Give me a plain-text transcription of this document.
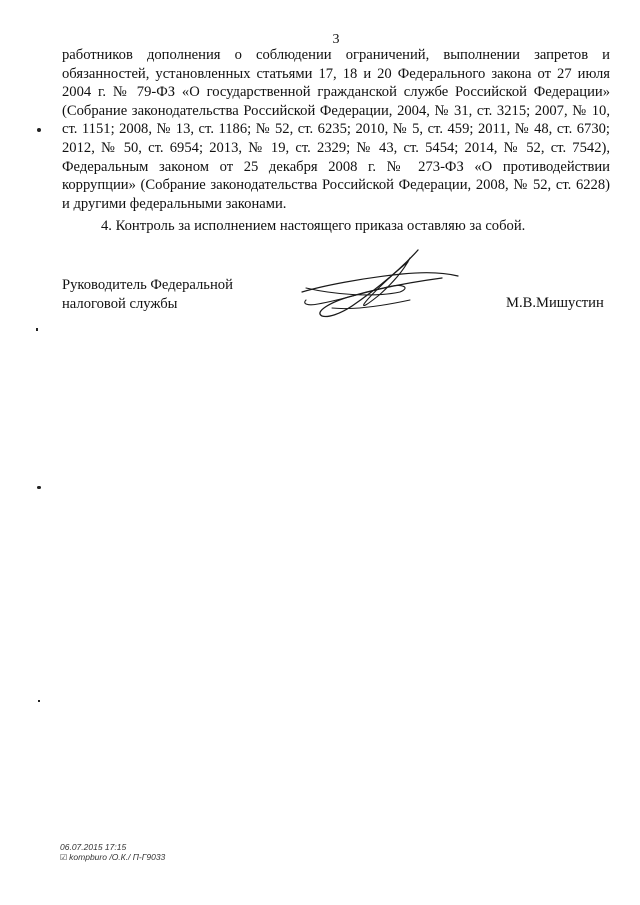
3

работников дополнения о соблюдении ограничений, выполнении запретов и обязанностей, установленных статьями 17, 18 и 20 Федерального закона от 27 июля 2004 г. № 79-ФЗ «О государственной гражданской службе Российской Федерации» (Собрание законодательства Российской Федерации, 2004, № 31, ст. 3215; 2007, № 10, ст. 1151; 2008, № 13, ст. 1186; № 52, ст. 6235; 2010, № 5, ст. 459; 2011, № 48, ст. 6730; 2012, № 50, ст. 6954; 2013, № 19, ст. 2329; № 43, ст. 5454; 2014, № 52, ст. 7542), Федеральным законом от 25 декабря 2008 г. № 273-ФЗ «О противодействии коррупции» (Собрание законодательства Российской Федерации, 2008, № 52, ст. 6228) и другими федеральными законами.

4. Контроль за исполнением настоящего приказа оставляю за собой.

Руководитель Федеральной
налоговой службы	М.В.Мишустин
06.07.2015 17:15
☑ kompburo /О.К./ П-Г9033
